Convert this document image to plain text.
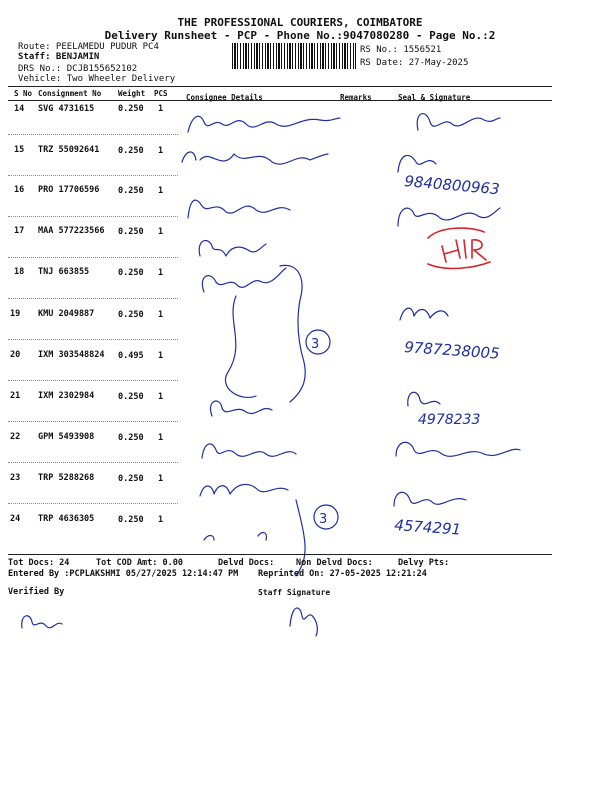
THE PROFESSIONAL COURIERS, COIMBATORE
Delivery Runsheet - PCP - Phone No.:9047080280 - Page No.:2
Route: PEELAMEDU PUDUR PC4
Staff: BENJAMIN
DRS No.: DCJB155652102
Vehicle: Two Wheeler Delivery
RS No.: 1556521
RS Date: 27-May-2025
S No Consignment No Weight PCS Consignee Details	Remarks	Seal & Signature
14 SVG 4731615	0.250 1
15 TRZ 55092641 0.250 1
16 PRO 17706596 0.250 1
17 MAA 577223566 0.250 1
18 TNJ 663855	0.250 1
19 KMU 2049887	0.250 1
20 IXM 303548824 0.495 1
21 IXM 2302984	0.250 1
22 GPM 5493908	0.250 1
23 TRP 5288268	0.250 1
24 TRP 4636305	0.250 1
9840800963
9787238005
4978233
4574291
3
3
Tot Docs: 24	Tot COD Amt: 0.00	Delvd Docs:	Non Delvd Docs:	Delvy Pts:
Entered By :PCPLAKSHMI 05/27/2025 12:14:47 PM Reprinted On: 27-05-2025 12:21:24
Verified By	Staff Signature
